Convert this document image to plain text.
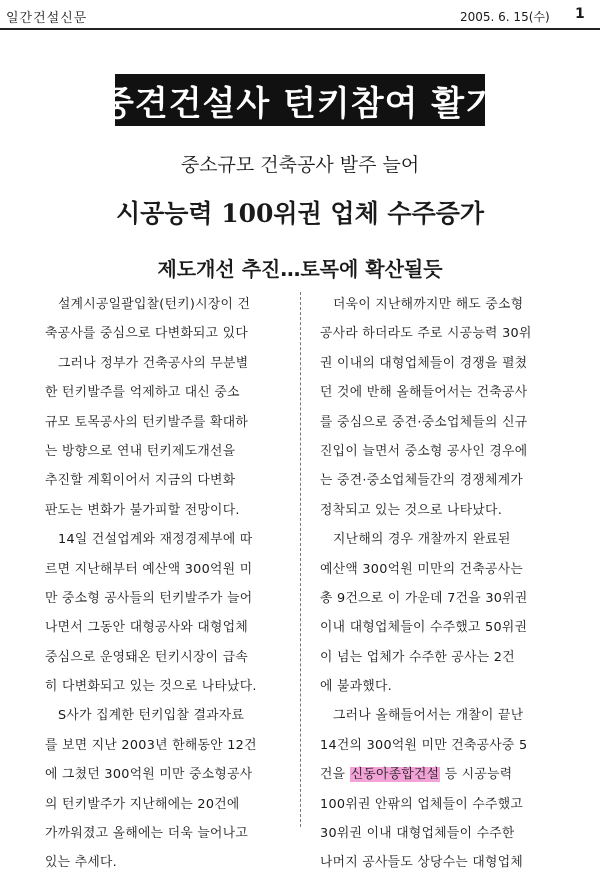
일간건설신문	2005. 6. 15(수) 1
중견건설사 턴키참여 활기
중소규모 건축공사 발주 늘어
시공능력 100위권 업체 수주증가
제도개선 추진…토목에 확산될듯
설계시공일괄입찰(턴키)시장이 건
축공사를 중심으로 다변화되고 있다
그러나 정부가 건축공사의 무분별
한 턴키발주를 억제하고 대신 중소
규모 토목공사의 턴키발주를 확대하
는 방향으로 연내 턴키제도개선을
추진할 계획이어서 지금의 다변화
판도는 변화가 불가피할 전망이다.
14일 건설업계와 재정경제부에 따
르면 지난해부터 예산액 300억원 미
만 중소형 공사들의 턴키발주가 늘어
나면서 그동안 대형공사와 대형업체
중심으로 운영돼온 턴키시장이 급속
히 다변화되고 있는 것으로 나타났다.
S사가 집계한 턴키입찰 결과자료
를 보면 지난 2003년 한해동안 12건
에 그쳤던 300억원 미만 중소형공사
의 턴키발주가 지난해에는 20건에
가까워졌고 올해에는 더욱 늘어나고
있는 추세다.
더욱이 지난해까지만 해도 중소형
공사라 하더라도 주로 시공능력 30위
권 이내의 대형업체들이 경쟁을 펼쳤
던 것에 반해 올해들어서는 건축공사
를 중심으로 중견·중소업체들의 신규
진입이 늘면서 중소형 공사인 경우에
는 중견·중소업체들간의 경쟁체계가
정착되고 있는 것으로 나타났다.
지난해의 경우 개찰까지 완료된
예산액 300억원 미만의 건축공사는
총 9건으로 이 가운데 7건을 30위권
이내 대형업체들이 수주했고 50위권
이 넘는 업체가 수주한 공사는 2건
에 불과했다.
그러나 올해들어서는 개찰이 끝난
14건의 300억원 미만 건축공사중 5
건을 신동아종합건설 등 시공능력
100위권 안팎의 업체들이 수주했고
30위권 이내 대형업체들이 수주한
나머지 공사들도 상당수는 대형업체
